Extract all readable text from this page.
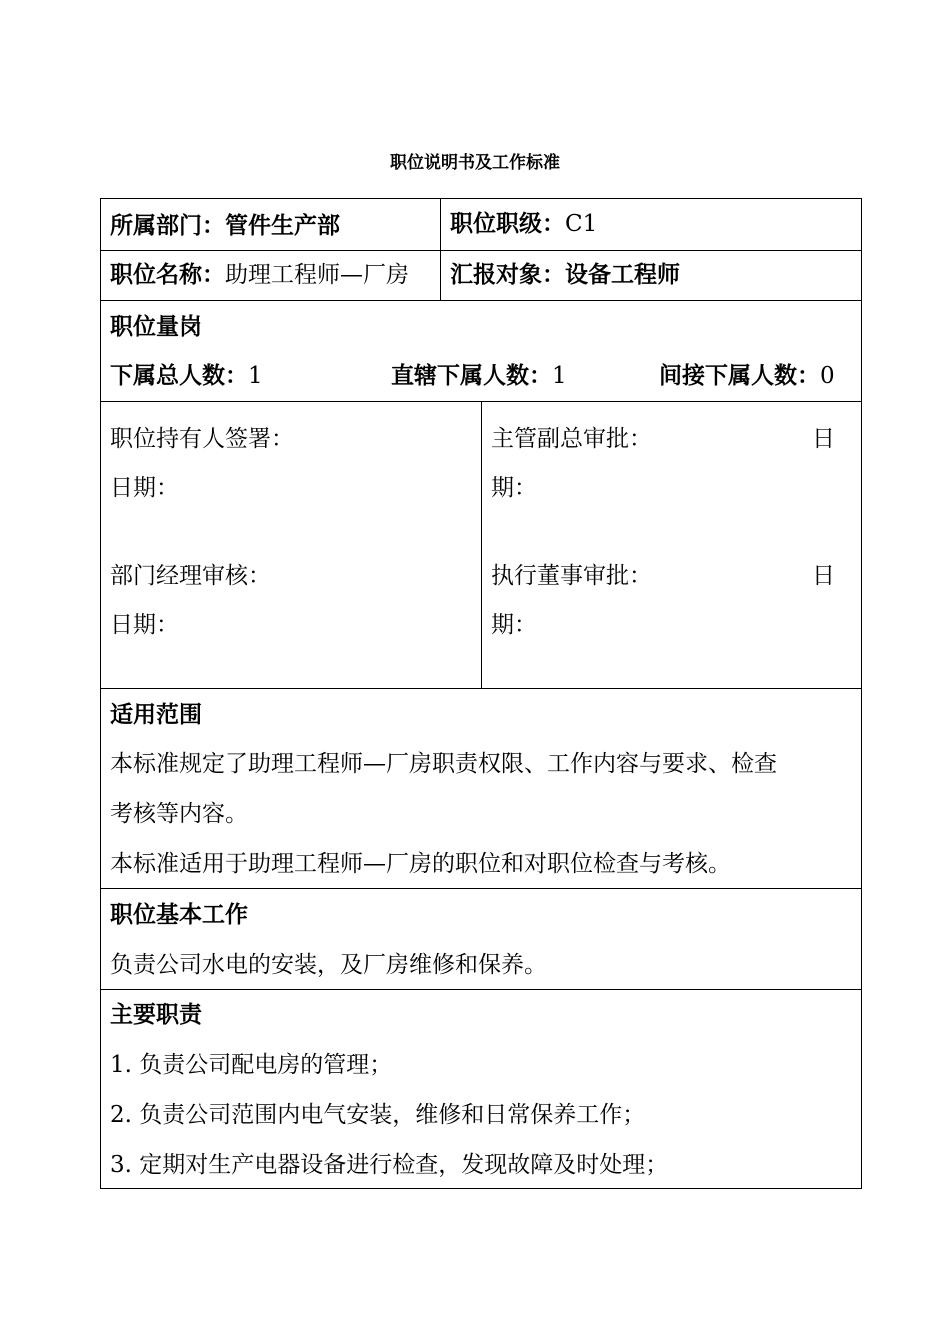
职位说明书及工作标准
所属部门：管件生产部	职位职级：C1
职位名称：助理工程师—厂房 汇报对象：设备工程师
职位量岗
下属总人数：1	直辖下属人数：1	间接下属人数：0
职位持有人签署：
日期：
部门经理审核：
日期：
主管副总审批：	日
期：
执行董事审批：	日
期：
适用范围
本标准规定了助理工程师—厂房职责权限、工作内容与要求、检查
考核等内容。
本标准适用于助理工程师—厂房的职位和对职位检查与考核。
职位基本工作
负责公司水电的安装，及厂房维修和保养。
主要职责
1. 负责公司配电房的管理；
2. 负责公司范围内电气安装，维修和日常保养工作；
3. 定期对生产电器设备进行检查，发现故障及时处理；
